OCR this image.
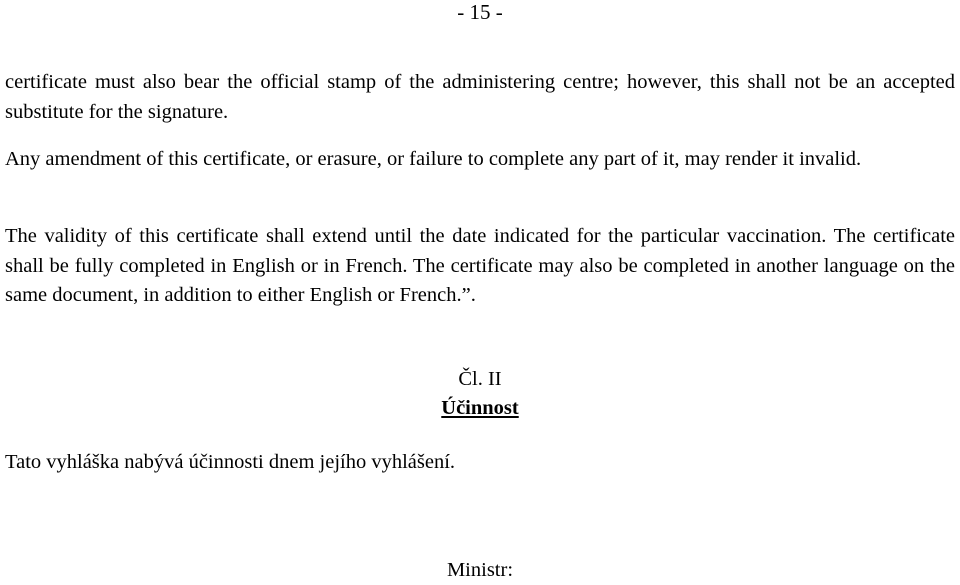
- 15 -

certificate must also bear the official stamp of the administering centre; however, this shall not be an accepted substitute for the signature.

Any amendment of this certificate, or erasure, or failure to complete any part of it, may render it invalid.

The validity of this certificate shall extend until the date indicated for the particular vaccination. The certificate shall be fully completed in English or in French. The certificate may also be completed in another language on the same document, in addition to either English or French.”.

Čl. II
Účinnost

Tato vyhláška nabývá účinnosti dnem jejího vyhlášení.

Ministr:
